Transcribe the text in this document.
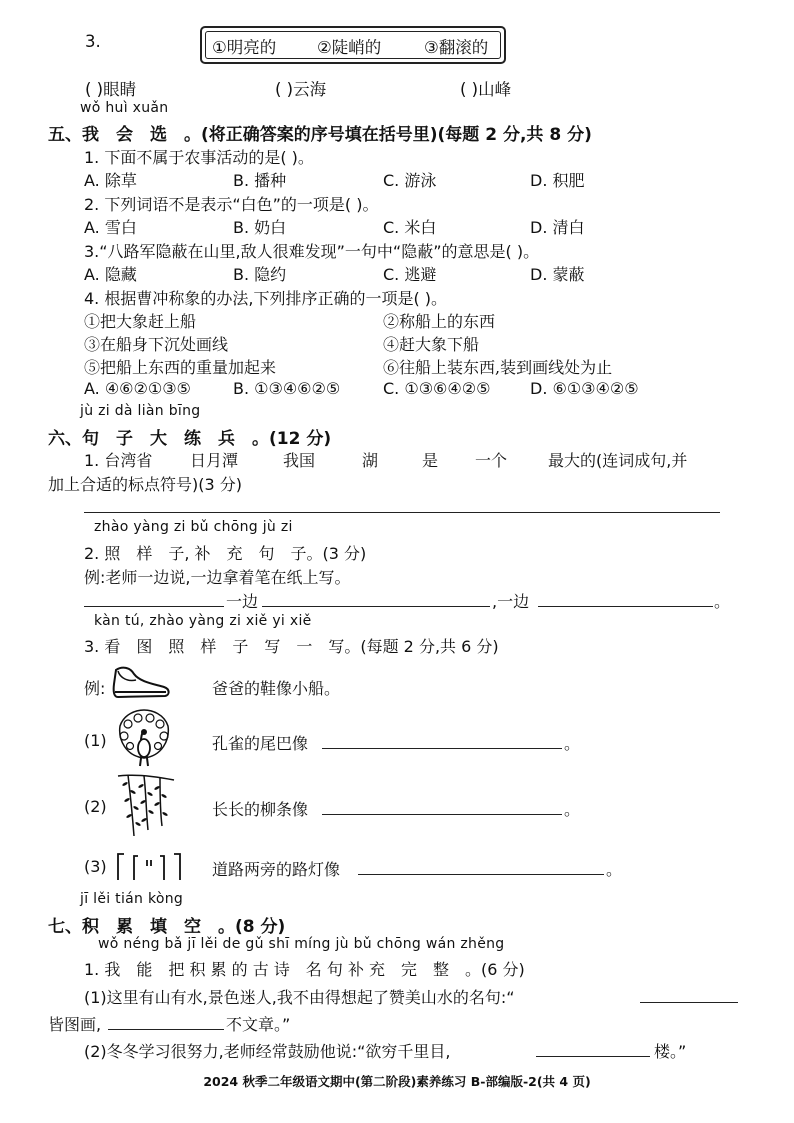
3.	①明亮的 ②陡峭的	③翻滚的
( )眼睛	( )云海	( )山峰
wǒ huì xuǎn
五、我　会　选　。(将正确答案的序号填在括号里)(每题 2 分,共 8 分)
1. 下面不属于农事活动的是( )。
A. 除草	B. 播种	C. 游泳	D. 积肥
2. 下列词语不是表示“白色”的一项是( )。
A. 雪白	B. 奶白	C. 米白	D. 清白
3.“八路军隐蔽在山里,敌人很难发现”一句中“隐蔽”的意思是( )。
A. 隐藏	B. 隐约	C. 逃避	D. 蒙蔽
4. 根据曹冲称象的办法,下列排序正确的一项是( )。
①把大象赶上船	②称船上的东西
③在船身下沉处画线	④赶大象下船
⑤把船上东西的重量加起来	⑥往船上装东西,装到画线处为止
A. ④⑥②①③⑤	B. ①③④⑥②⑤	C. ①③⑥④②⑤ D. ⑥①③④②⑤
jù zi dà liàn bīng
六、句　子　大　练　兵　。(12 分)
1. 台湾省 日月潭	我国	湖	是 一个	最大的(连词成句,并
加上合适的标点符号)(3 分)
zhào yàng zi bǔ chōng jù zi
2. 照　样　子, 补　充　句　子。(3 分)
例:老师一边说,一边拿着笔在纸上写。
一边	,一边	。
kàn tú, zhào yàng zi xiě yi xiě
3. 看　图　照　样　子　写　一　写。(每题 2 分,共 6 分)
例:	爸爸的鞋像小船。
(1)	孔雀的尾巴像	。
(2)	长长的柳条像	。
(3)	道路两旁的路灯像	。
jī lěi tián kòng
七、积　累　填　空　。(8 分)
wǒ néng bǎ jī lěi de gǔ shī míng jù bǔ chōng wán zhěng
1. 我　能　把 积 累 的 古 诗　名 句 补 充　完　整　。(6 分)
(1)这里有山有水,景色迷人,我不由得想起了赞美山水的名句:“
皆图画,	不文章。”
(2)冬冬学习很努力,老师经常鼓励他说:“欲穷千里目,	楼。”
2024 秋季二年级语文期中(第二阶段)素养练习 B-部编版-2(共 4 页)
